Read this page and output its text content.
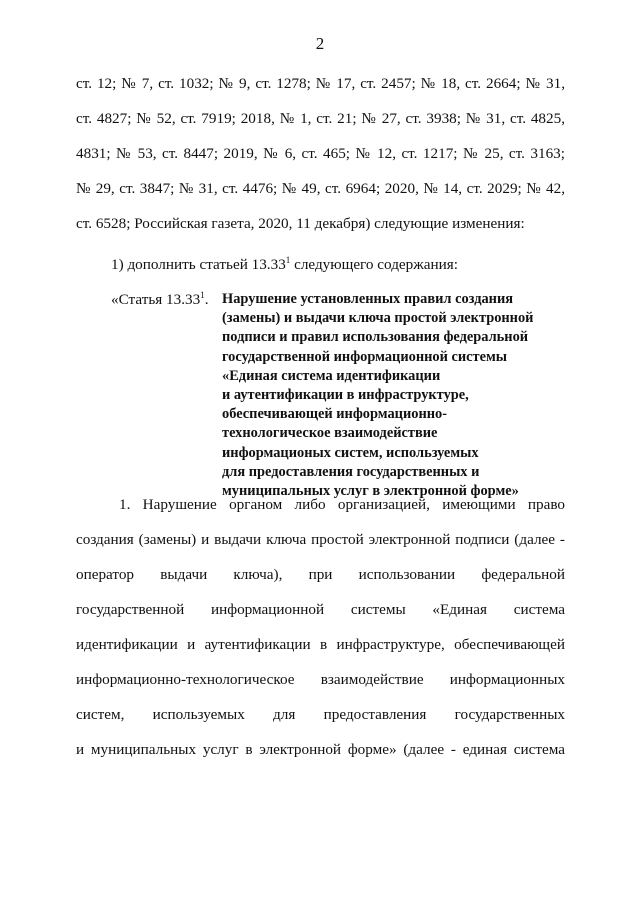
2
ст. 12; № 7, ст. 1032; № 9, ст. 1278; № 17, ст. 2457; № 18, ст. 2664; № 31,
ст. 4827; № 52, ст. 7919; 2018, № 1, ст. 21; № 27, ст. 3938; № 31, ст. 4825,
4831; № 53, ст. 8447; 2019, № 6, ст. 465; № 12, ст. 1217; № 25, ст. 3163;
№ 29, ст. 3847; № 31, ст. 4476; № 49, ст. 6964; 2020, № 14, ст. 2029; № 42,
ст. 6528; Российская газета, 2020, 11 декабря) следующие изменения:
1) дополнить статьей 13.33$^1$ следующего содержания:
«Статья 13.33$^1$. Нарушение установленных правил создания
(замены) и выдачи ключа простой электронной
подписи и правил использования федеральной
государственной информационной системы
«Единая система идентификации
и аутентификации в инфраструктуре,
обеспечивающей информационно-
технологическое взаимодействие
информационых систем, используемых
для предоставления государственных и
муниципальных услуг в электронной форме»
1. Нарушение органом либо организацией, имеющими право
создания (замены) и выдачи ключа простой электронной подписи (далее -
оператор выдачи ключа), при использовании федеральной
государственной информационной системы «Единая система
идентификации и аутентификации в инфраструктуре, обеспечивающей
информационно-технологическое взаимодействие информационных
систем, используемых для предоставления государственных
и муниципальных услуг в электронной форме» (далее - единая система
